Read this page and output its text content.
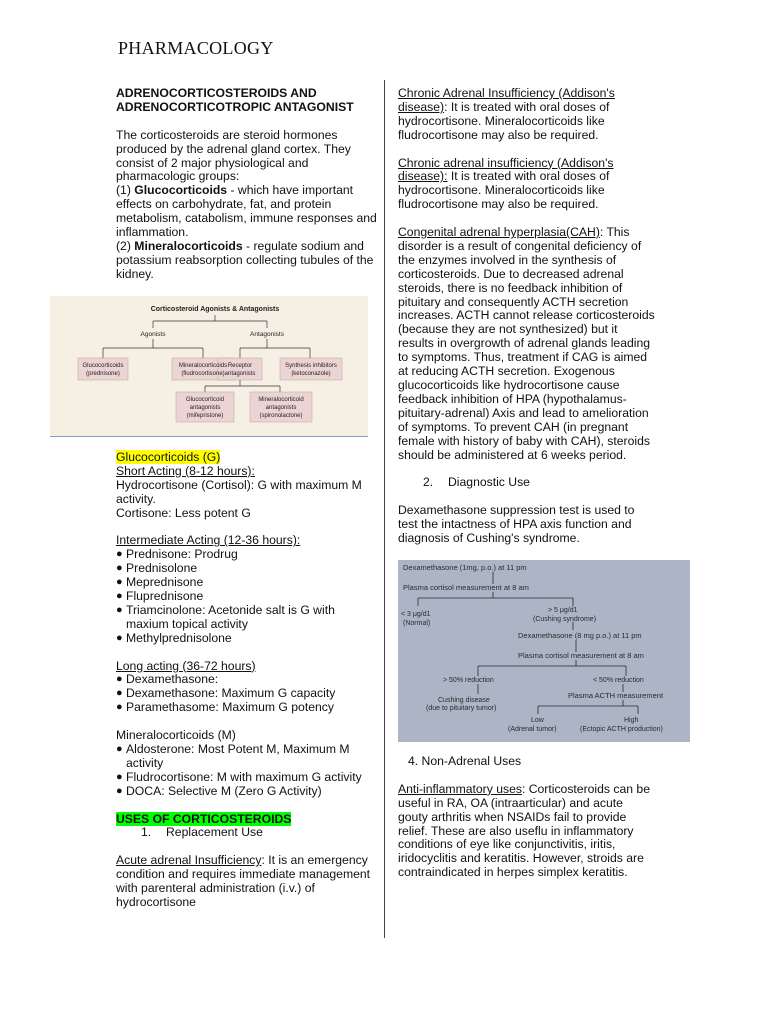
PHARMACOLOGY

ADRENOCORTICOSTEROIDS AND

ADRENOCORTICOTROPIC ANTAGONIST

The corticosteroids are steroid hormones produced by the adrenal gland cortex. They consist of 2 major physiological and pharmacologic groups:

(1) Glucocorticoids - which have important effects on carbohydrate, fat, and protein metabolism, catabolism, immune responses and inflammation.

(2) Mineralocorticoids - regulate sodium and potassium reabsorption collecting tubules of the kidney.

Corticosteroid Agonists & Antagonists
Agonists	Antagonists
Glucocorticoids
(prednisone)
Mineralocorticoids
(fludrocortisone)
Receptor
antagonists
Synthesis inhibitors
(ketoconazole)
Glucocorticoid
antagonists
(mifepristone)
Mineralocorticoid
antagonists
(spironolactone)

Glucocorticoids (G)

Short Acting (8-12 hours):

Hydrocortisone (Cortisol): G with maximum M activity.

Cortisone: Less potent G

Intermediate Acting (12-36 hours):

● Prednisone: Prodrug
● Prednisolone
● Meprednisone
● Fluprednisone
● Triamcinolone: Acetonide salt is G with maxium topical activity
● Methylprednisolone

Long acting (36-72 hours)

● Dexamethasone:
● Dexamethasone: Maximum G capacity
● Paramethasome: Maximum G potency

Mineralocorticoids (M)

● Aldosterone: Most Potent M, Maximum M activity
● Fludrocortisone: M with maximum G activity
● DOCA: Selective M (Zero G Activity)

USES OF CORTICOSTEROIDS

1. Replacement Use

Acute adrenal Insufficiency: It is an emergency condition and requires immediate management with parenteral administration (i.v.) of hydrocortisone

Chronic Adrenal Insufficiency (Addison's disease): It is treated with oral doses of hydrocortisone. Mineralocorticoids like fludrocortisone may also be required.

Chronic adrenal insufficiency (Addison's disease): It is treated with oral doses of hydrocortisone. Mineralocorticoids like fludrocortisone may also be required.

Congenital adrenal hyperplasia(CAH): This disorder is a result of congenital deficiency of the enzymes involved in the synthesis of corticosteroids. Due to decreased adrenal steroids, there is no feedback inhibition of pituitary and consequently ACTH secretion increases. ACTH cannot release corticosteroids (because they are not synthesized) but it results in overgrowth of adrenal glands leading to symptoms. Thus, treatment if CAG is aimed at reducing ACTH secretion. Exogenous glucocorticoids like hydrocortisone cause feedback inhibition of HPA (hypothalamus-pituitary-adrenal) Axis and lead to amelioration of symptoms. To prevent CAH (in pregnant female with history of baby with CAH), steroids should be administered at 6 weeks period.

2. Diagnostic Use

Dexamethasone suppression test is used to test the intactness of HPA axis function and diagnosis of Cushing's syndrome.

Dexamethasone (1mg, p.o.) at 11 pm
Plasma cortisol measurement at 8 am
< 3 μg/d1
(Normal)
> 5 μg/d1
(Cushing syndrome)
Dexamethasone (8 mg p.o.) at 11 pm
Plasma cortisol measurement at 8 am
> 50% reduction	< 50% reduction
Cushing disease
(due to pituitary tumor)
Plasma ACTH measurement
Low
(Adrenal tumor)
High
(Ectopic ACTH production)

4. Non-Adrenal Uses

Anti-inflammatory uses: Corticosteroids can be useful in RA, OA (intraarticular) and acute gouty arthritis when NSAIDs fail to provide relief. These are also useflu in inflammatory conditions of eye like conjunctivitis, iritis, iridocyclitis and keratitis. However, stroids are contraindicated in herpes simplex keratitis.
